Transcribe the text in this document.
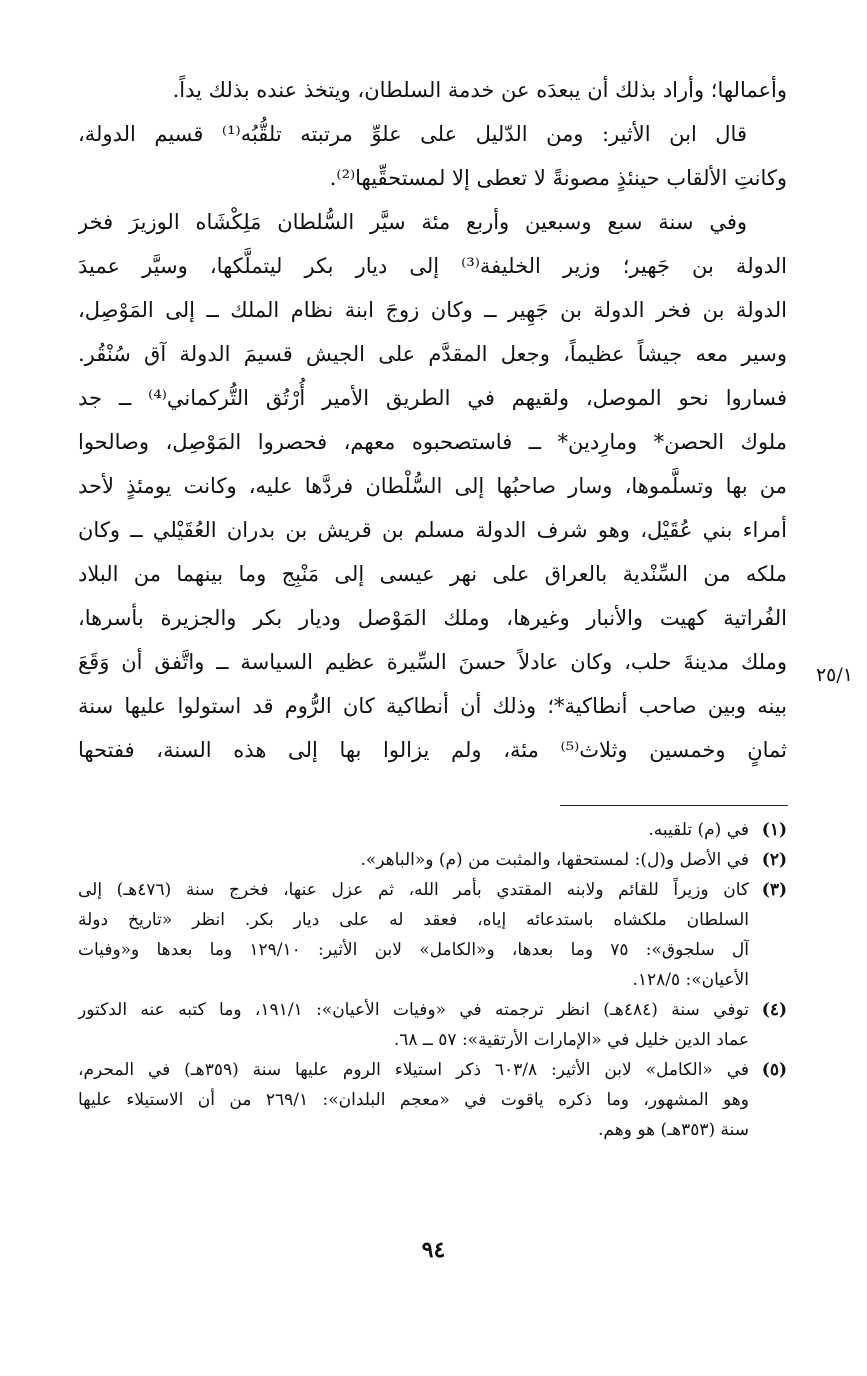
وأعمالها؛ وأراد بذلك أن يبعدَه عن خدمة السلطان، ويتخذ عنده بذلك يداً.
قال ابن الأثير: ومن الدّليل على علوِّ مرتبته تلقُّبُه⁽¹⁾ قسيم الدولة،
وكانتِ الألقاب حينئذٍ مصونةً لا تعطى إلا لمستحقِّيها⁽²⁾.
وفي سنة سبع وسبعين وأربع مئة سيَّر السُّلطان مَلِكْشَاه الوزيرَ فخر
الدولة بن جَهير؛ وزير الخليفة⁽³⁾ إلى ديار بكر ليتملَّكها، وسيَّر عميدَ
الدولة بن فخر الدولة بن جَهِير ــ وكان زوجَ ابنة نظام الملك ــ إلى المَوْصِل،
وسير معه جيشاً عظيماً، وجعل المقدَّم على الجيش قسيمَ الدولة آق سُنْقُر.
فساروا نحو الموصل، ولقيهم في الطريق الأمير أُرْتُق التُّركماني⁽⁴⁾ ــ جد
ملوك الحصن* ومارِدين* ــ فاستصحبوه معهم، فحصروا المَوْصِل، وصالحوا
من بها وتسلَّموها، وسار صاحبُها إلى السُّلْطان فردَّها عليه، وكانت يومئذٍ لأحد
أمراء بني عُقَيْل، وهو شرف الدولة مسلم بن قريش بن بدران العُقَيْلي ــ وكان
ملكه من السِّنْدية بالعراق على نهر عيسى إلى مَنْبِج وما بينهما من البلاد
الفُراتية كهيت والأنبار وغيرها، وملك المَوْصل وديار بكر والجزيرة بأسرها،
وملك مدينةَ حلب، وكان عادلاً حسنَ السِّيرة عظيم السياسة ــ واتَّفق أن وَقَعَ
بينه وبين صاحب أنطاكية*؛ وذلك أن أنطاكية كان الرُّوم قد استولوا عليها سنة
ثمانٍ وخمسين وثلاث⁽⁵⁾ مئة، ولم يزالوا بها إلى هذه السنة، ففتحها
٢٥/١
(١)
في (م) تلقيبه.
(٢)
في الأصل و(ل): لمستحقها، والمثبت من (م) و«الباهر».
(٣)
كان وزيراً للقائم ولابنه المقتدي بأمر الله، ثم عزل عنها، فخرج سنة (٤٧٦هـ) إلى
السلطان ملكشاه باستدعائه إياه، فعقد له على ديار بكر. انظر «تاريخ دولة
آل سلجوق»: ٧٥ وما بعدها، و«الكامل» لابن الأثير: ١٢٩/١٠ وما بعدها و«وفيات
الأعيان»: ١٢٨/٥.
(٤)
توفي سنة (٤٨٤هـ) انظر ترجمته في «وفيات الأعيان»: ١٩١/١، وما كتبه عنه الدكتور
عماد الدين خليل في «الإمارات الأرتقية»: ٥٧ ــ ٦٨.
(٥)
في «الكامل» لابن الأثير: ٦٠٣/٨ ذكر استيلاء الروم عليها سنة (٣٥٩هـ) في المحرم،
وهو المشهور، وما ذكره ياقوت في «معجم البلدان»: ٢٦٩/١ من أن الاستيلاء عليها
سنة (٣٥٣هـ) هو وهم.
٩٤
